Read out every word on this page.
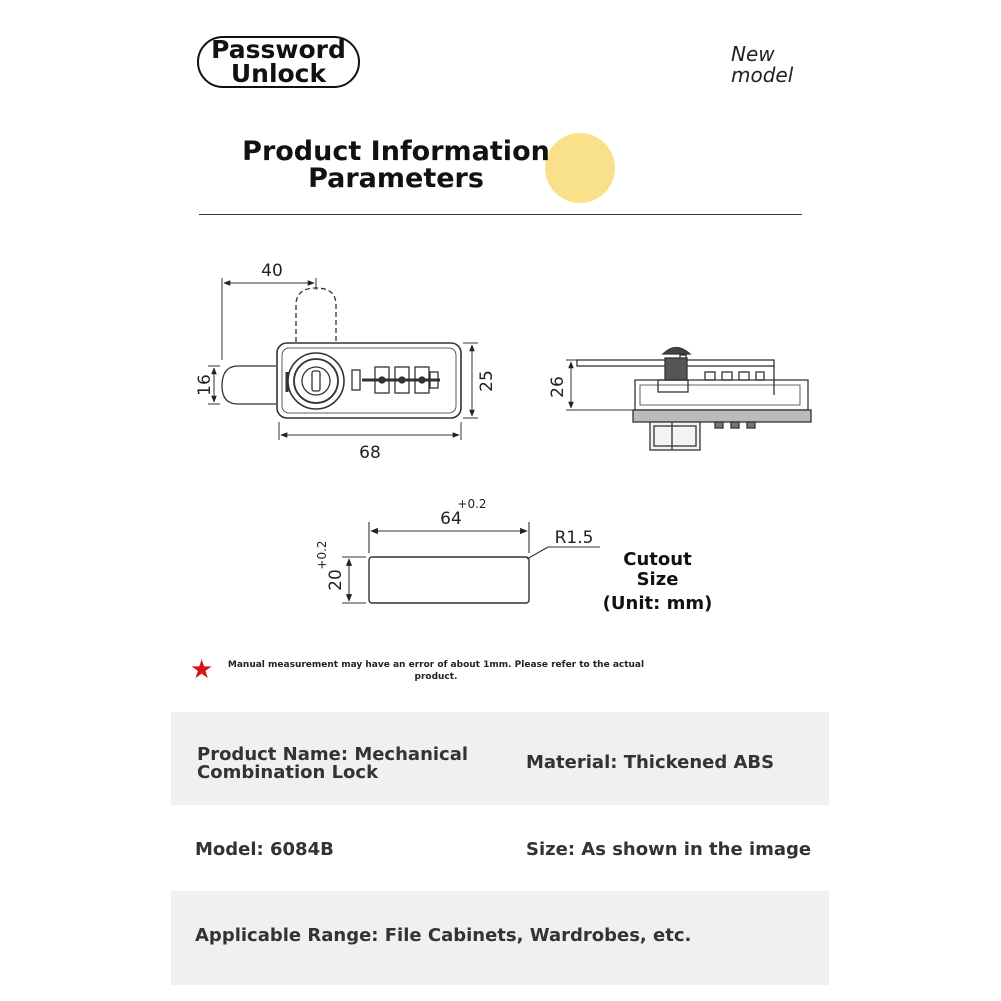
Password
Unlock
New
model
Product Information
Parameters
40
16	25
68
26
64
+0.2
20
+0.2
R1.5
Cutout
Size
(Unit: mm)
★	Manual measurement may have an error of about 1mm. Please refer to the actual product.
Product Name: Mechanical
Combination Lock	Material: Thickened ABS
Model: 6084B	Size: As shown in the image
Applicable Range: File Cabinets, Wardrobes, etc.
